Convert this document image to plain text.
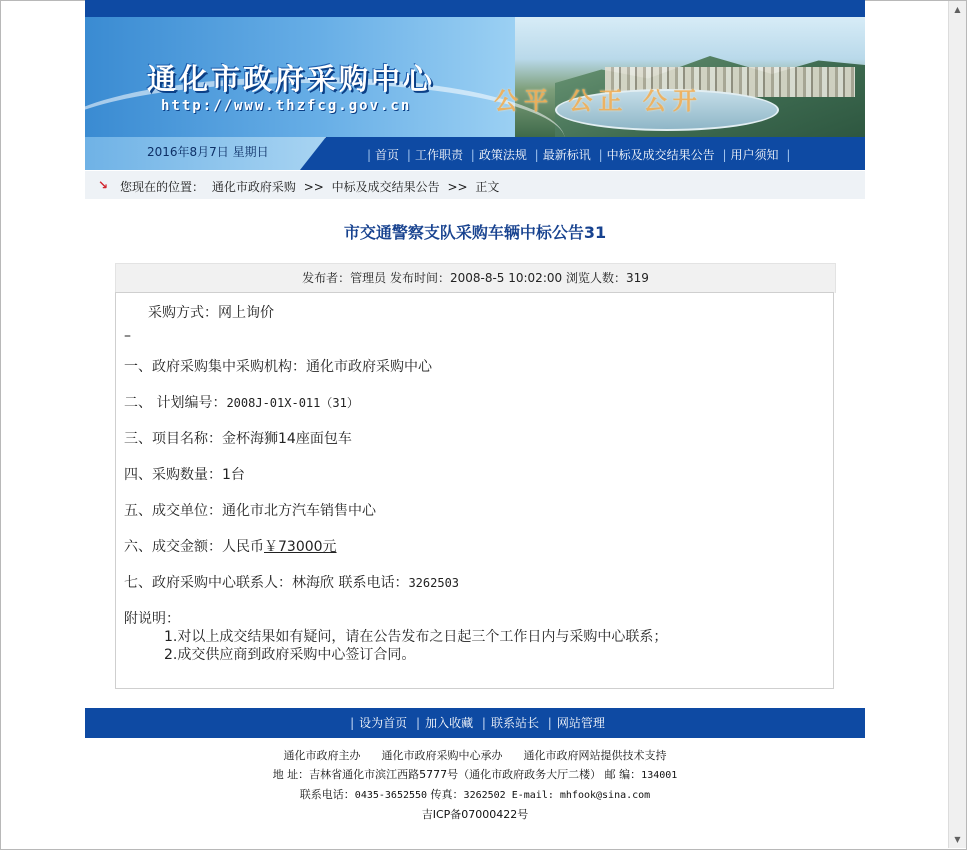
▲
▼
通化市政府采购中心
http://www.thzfcg.gov.cn	公平 公正 公开
2016年8月7日 星期日	| 首页 | 工作职责 | 政策法规 | 最新标讯 | 中标及成交结果公告 | 用户须知 |
↘ 您现在的位置： 通化市政府采购 >> 中标及成交结果公告 >> 正文
市交通警察支队采购车辆中标公告31
发布者：管理员 发布时间：2008-8-5 10:02:00 浏览人数：319
采购方式：网上询价
–
一、政府采购集中采购机构：通化市政府采购中心
二、 计划编号：2008J-01X-011（31）
三、项目名称：金杯海狮14座面包车
四、采购数量：1台
五、成交单位：通化市北方汽车销售中心
六、成交金额：人民币￥73000元
七、政府采购中心联系人：林海欣 联系电话：3262503
附说明：
1.对以上成交结果如有疑问，请在公告发布之日起三个工作日内与采购中心联系；
2.成交供应商到政府采购中心签订合同。
| 设为首页 | 加入收藏 | 联系站长 | 网站管理
通化市政府主办      通化市政府采购中心承办      通化市政府网站提供技术支持
地 址：吉林省通化市滨江西路5777号（通化市政府政务大厅二楼） 邮 编：134001
联系电话：0435-3652550 传真：3262502 E-mail: mhfook@sina.com
吉ICP备07000422号
